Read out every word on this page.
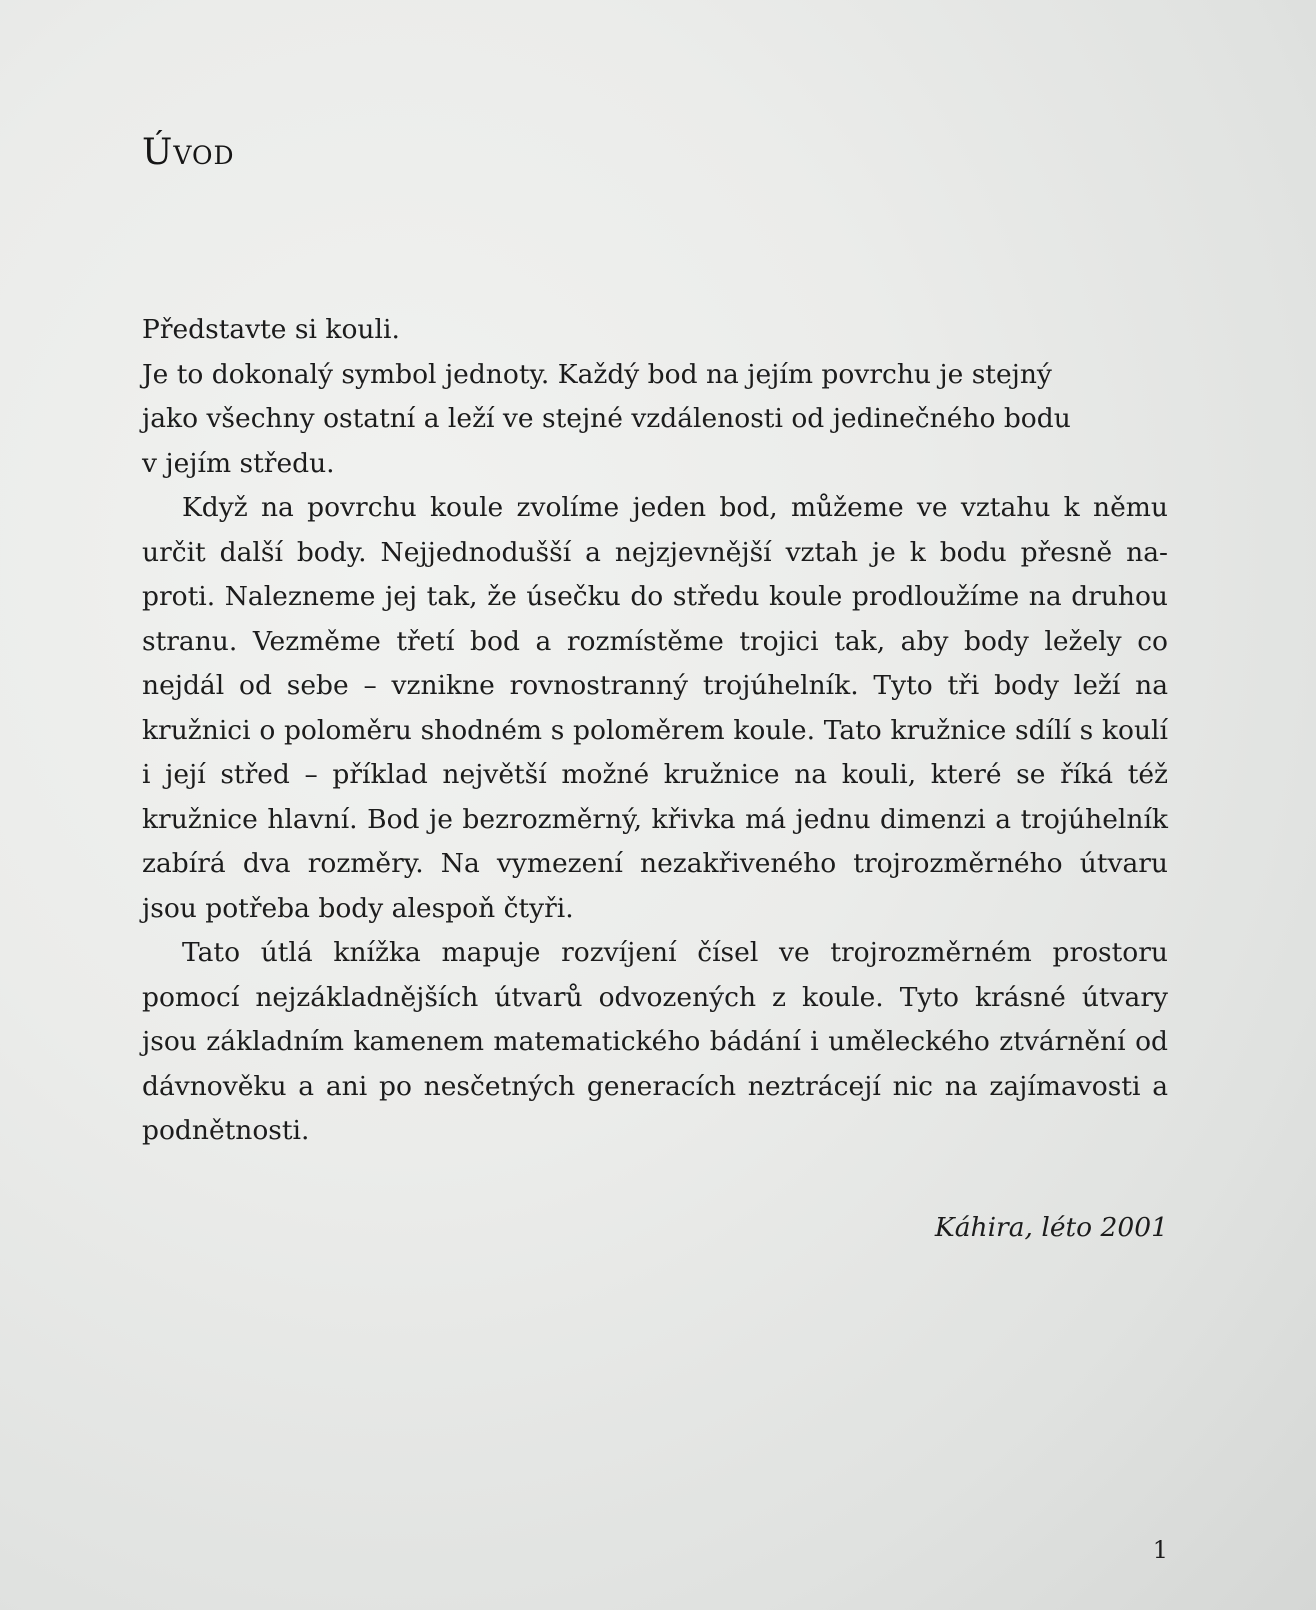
Úvod
Představte si kouli.
Je to dokonalý symbol jednoty. Každý bod na jejím povrchu je stejný
jako všechny ostatní a leží ve stejné vzdálenosti od jedinečného bodu
v jejím středu.

Když na povrchu koule zvolíme jeden bod, můžeme ve vztahu k němu určit další body. Nejjednodušší a nejzjevnější vztah je k bodu přesně naproti. Nalezneme jej tak, že úsečku do středu koule prodloužíme na druhou stranu. Vezměme třetí bod a rozmístěme trojici tak, aby body ležely co nejdál od sebe – vznikne rovnostranný trojúhelník. Tyto tři body leží na kružnici o poloměru shodném s poloměrem koule. Tato kružnice sdílí s koulí i její střed – příklad největší možné kružnice na kouli, které se říká též kružnice hlavní. Bod je bezrozměrný, křivka má jednu dimenzi a trojúhelník zabírá dva rozměry. Na vymezení nezakřiveného trojrozměrného útvaru jsou potřeba body alespoň čtyři.

Tato útlá knížka mapuje rozvíjení čísel ve trojrozměrném prostoru pomocí nejzákladnějších útvarů odvozených z koule. Tyto krásné útvary jsou základním kamenem matematického bádání i uměleckého ztvárnění od dávnověku a ani po nesčetných generacích neztrácejí nic na zajímavosti a podnětnosti.

Káhira, léto 2001

1
